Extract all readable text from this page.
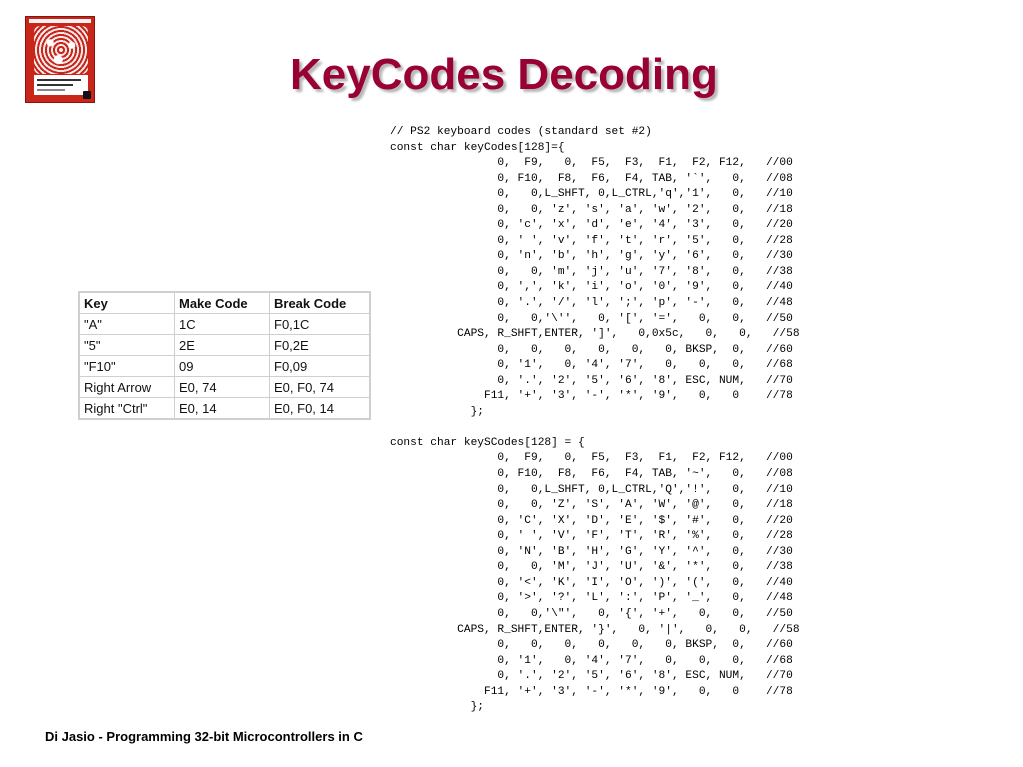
KeyCodes Decoding
Key	Make Code	Break Code
"A"	1C	F0,1C
"5"	2E	F0,2E
"F10"	09	F0,09
Right Arrow	E0, 74	E0, F0, 74
Right "Ctrl"	E0, 14	E0, F0, 14
// PS2 keyboard codes (standard set #2)
const char keyCodes[128]={
0,  F9,   0,  F5,  F3,  F1,  F2, F12,   //00
0, F10,  F8,  F6,  F4, TAB, '`',   0,   //08
0,   0,L_SHFT, 0,L_CTRL,'q','1',   0,   //10
0,   0, 'z', 's', 'a', 'w', '2',   0,   //18
0, 'c', 'x', 'd', 'e', '4', '3',   0,   //20
0, ' ', 'v', 'f', 't', 'r', '5',   0,   //28
0, 'n', 'b', 'h', 'g', 'y', '6',   0,   //30
0,   0, 'm', 'j', 'u', '7', '8',   0,   //38
0, ',', 'k', 'i', 'o', '0', '9',   0,   //40
0, '.', '/', 'l', ';', 'p', '-',   0,   //48
0,   0,'\'',   0, '[', '=',   0,   0,   //50
CAPS, R_SHFT,ENTER, ']',   0,0x5c,   0,   0,   //58
0,   0,   0,   0,   0,   0, BKSP,  0,   //60
0, '1',   0, '4', '7',   0,   0,   0,   //68
0, '.', '2', '5', '6', '8', ESC, NUM,   //70
F11, '+', '3', '-', '*', '9',   0,   0    //78
};

const char keySCodes[128] = {
0,  F9,   0,  F5,  F3,  F1,  F2, F12,   //00
0, F10,  F8,  F6,  F4, TAB, '~',   0,   //08
0,   0,L_SHFT, 0,L_CTRL,'Q','!',   0,   //10
0,   0, 'Z', 'S', 'A', 'W', '@',   0,   //18
0, 'C', 'X', 'D', 'E', '$', '#',   0,   //20
0, ' ', 'V', 'F', 'T', 'R', '%',   0,   //28
0, 'N', 'B', 'H', 'G', 'Y', '^',   0,   //30
0,   0, 'M', 'J', 'U', '&', '*',   0,   //38
0, '<', 'K', 'I', 'O', ')', '(',   0,   //40
0, '>', '?', 'L', ':', 'P', '_',   0,   //48
0,   0,'\"',   0, '{', '+',   0,   0,   //50
CAPS, R_SHFT,ENTER, '}',   0, '|',   0,   0,   //58
0,   0,   0,   0,   0,   0, BKSP,  0,   //60
0, '1',   0, '4', '7',   0,   0,   0,   //68
0, '.', '2', '5', '6', '8', ESC, NUM,   //70
F11, '+', '3', '-', '*', '9',   0,   0    //78
};

Di Jasio - Programming 32-bit Microcontrollers in C
